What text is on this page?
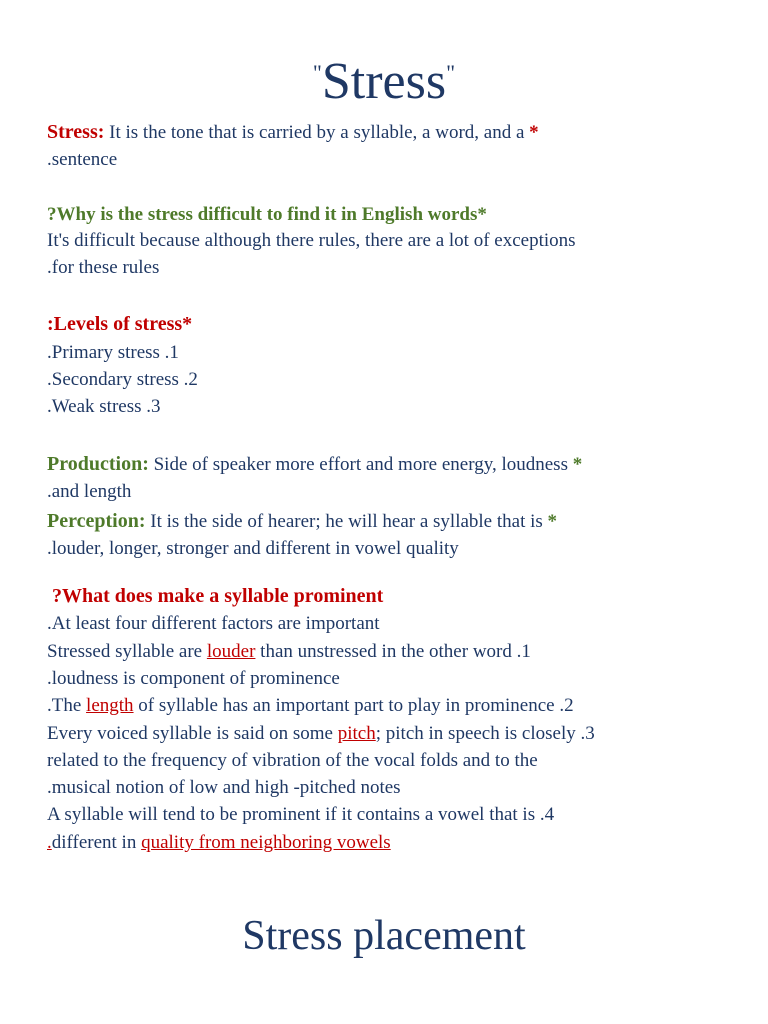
"Stress"
Stress: It is the tone that is carried by a syllable, a word, and a *
.sentence
?Why is the stress difficult to find it in English words*
It's difficult because although there rules, there are a lot of exceptions
.for these rules
:Levels of stress*
.Primary stress .1
.Secondary stress .2
.Weak stress .3
Production: Side of speaker more effort and more energy, loudness *
.and length
Perception: It is the side of hearer; he will hear a syllable that is *
.louder, longer, stronger and different in vowel quality
?What does make a syllable prominent
.At least four different factors are important
Stressed syllable are louder than unstressed in the other word .1
.loudness is component of prominence
.The length of syllable has an important part to play in prominence .2
Every voiced syllable is said on some pitch; pitch in speech is closely .3
related to the frequency of vibration of the vocal folds and to the
.musical notion of low and high -pitched notes
A syllable will tend to be prominent if it contains a vowel that is .4
.different in quality from neighboring vowels
Stress placement
